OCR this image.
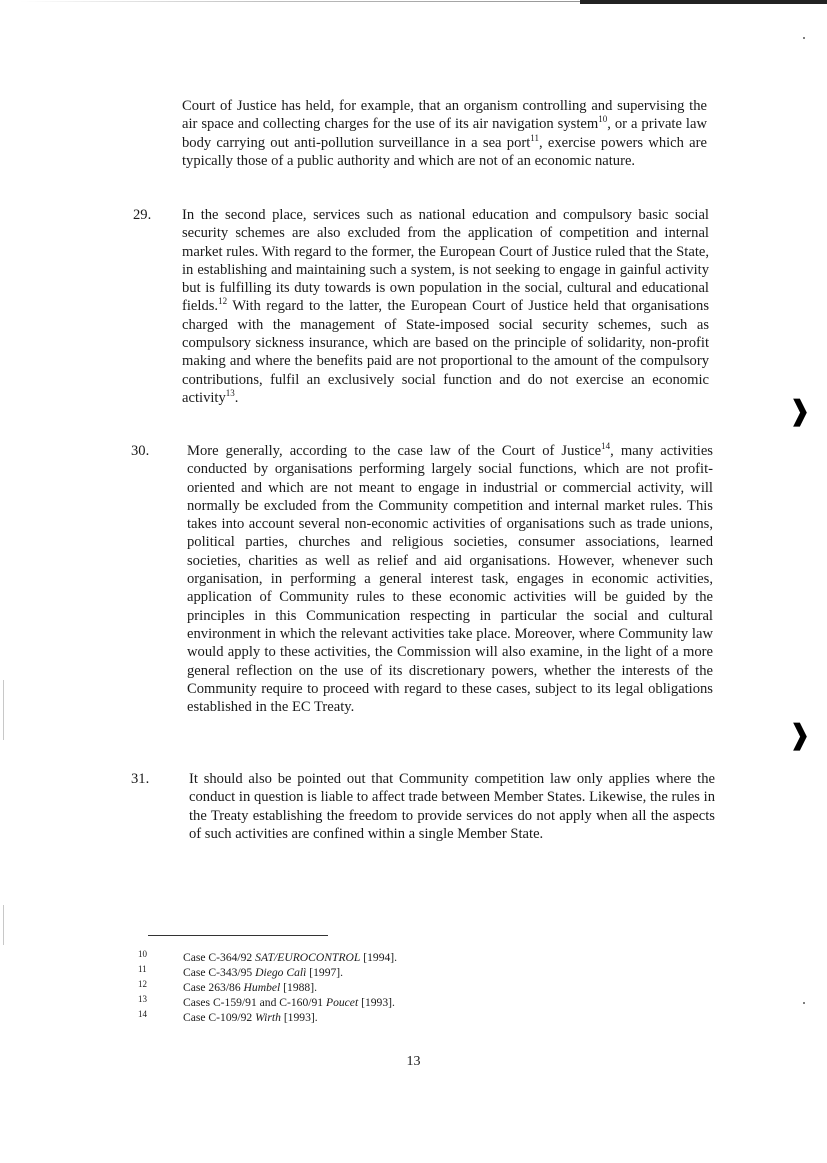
Court of Justice has held, for example, that an organism controlling and supervising the air space and collecting charges for the use of its air navigation system$^{10}$, or a private law body carrying out anti-pollution surveillance in a sea port$^{11}$, exercise powers which are typically those of a public authority and which are not of an economic nature.
29. In the second place, services such as national education and compulsory basic social security schemes are also excluded from the application of competition and internal market rules. With regard to the former, the European Court of Justice ruled that the State, in establishing and maintaining such a system, is not seeking to engage in gainful activity but is fulfilling its duty towards is own population in the social, cultural and educational fields.$^{12}$ With regard to the latter, the European Court of Justice held that organisations charged with the management of State-imposed social security schemes, such as compulsory sickness insurance, which are based on the principle of solidarity, non-profit making and where the benefits paid are not proportional to the amount of the compulsory contributions, fulfil an exclusively social function and do not exercise an economic activity$^{13}$.
30.	More generally, according to the case law of the Court of Justice$^{14}$, many activities conducted by organisations performing largely social functions, which are not profit-oriented and which are not meant to engage in industrial or commercial activity, will normally be excluded from the Community competition and internal market rules. This takes into account several non-economic activities of organisations such as trade unions, political parties, churches and religious societies, consumer associations, learned societies, charities as well as relief and aid organisations. However, whenever such organisation, in performing a general interest task, engages in economic activities, application of Community rules to these economic activities will be guided by the principles in this Communication respecting in particular the social and cultural environment in which the relevant activities take place. Moreover, where Community law would apply to these activities, the Commission will also examine, in the light of a more general reflection on the use of its discretionary powers, whether the interests of the Community require to proceed with regard to these cases, subject to its legal obligations established in the EC Treaty.
31.	It should also be pointed out that Community competition law only applies where the conduct in question is liable to affect trade between Member States. Likewise, the rules in the Treaty establishing the freedom to provide services do not apply when all the aspects of such activities are confined within a single Member State.
10	Case C-364/92 SAT/EUROCONTROL [1994].
11	Case C-343/95 Diego Calì [1997].
12	Case 263/86 Humbel [1988].
13	Cases C-159/91 and C-160/91 Poucet [1993].
14	Case C-109/92 Wirth [1993].
13
❱
❱
